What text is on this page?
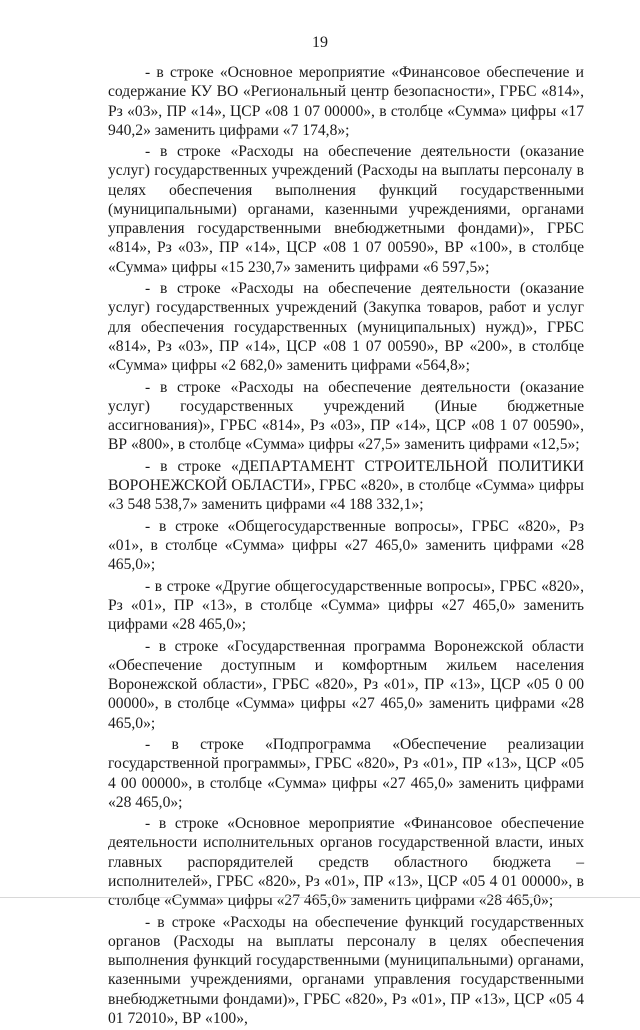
19

- в строке «Основное мероприятие «Финансовое обеспечение и содержание КУ ВО «Региональный центр безопасности», ГРБС «814», Рз «03», ПР «14», ЦСР «08 1 07 00000», в столбце «Сумма» цифры «17 940,2» заменить цифрами «7 174,8»;

- в строке «Расходы на обеспечение деятельности (оказание услуг) государственных учреждений (Расходы на выплаты персоналу в целях обеспечения выполнения функций государственными (муниципальными) органами, казенными учреждениями, органами управления государственными внебюджетными фондами)», ГРБС «814», Рз «03», ПР «14», ЦСР «08 1 07 00590», ВР «100», в столбце «Сумма» цифры «15 230,7» заменить цифрами «6 597,5»;

- в строке «Расходы на обеспечение деятельности (оказание услуг) государственных учреждений (Закупка товаров, работ и услуг для обеспечения государственных (муниципальных) нужд)», ГРБС «814», Рз «03», ПР «14», ЦСР «08 1 07 00590», ВР «200», в столбце «Сумма» цифры «2 682,0» заменить цифрами «564,8»;

- в строке «Расходы на обеспечение деятельности (оказание услуг) государственных учреждений (Иные бюджетные ассигнования)», ГРБС «814», Рз «03», ПР «14», ЦСР «08 1 07 00590», ВР «800», в столбце «Сумма» цифры «27,5» заменить цифрами «12,5»;

- в строке «ДЕПАРТАМЕНТ СТРОИТЕЛЬНОЙ ПОЛИТИКИ ВОРОНЕЖСКОЙ ОБЛАСТИ», ГРБС «820», в столбце «Сумма» цифры «3 548 538,7» заменить цифрами «4 188 332,1»;

- в строке «Общегосударственные вопросы», ГРБС «820», Рз «01», в столбце «Сумма» цифры «27 465,0» заменить цифрами «28 465,0»;

- в строке «Другие общегосударственные вопросы», ГРБС «820», Рз «01», ПР «13», в столбце «Сумма» цифры «27 465,0» заменить цифрами «28 465,0»;

- в строке «Государственная программа Воронежской области «Обеспечение доступным и комфортным жильем населения Воронежской области», ГРБС «820», Рз «01», ПР «13», ЦСР «05 0 00 00000», в столбце «Сумма» цифры «27 465,0» заменить цифрами «28 465,0»;

- в строке «Подпрограмма «Обеспечение реализации государственной программы», ГРБС «820», Рз «01», ПР «13», ЦСР «05 4 00 00000», в столбце «Сумма» цифры «27 465,0» заменить цифрами «28 465,0»;

- в строке «Основное мероприятие «Финансовое обеспечение деятельности исполнительных органов государственной власти, иных главных распорядителей средств областного бюджета – исполнителей», ГРБС «820», Рз «01», ПР «13», ЦСР «05 4 01 00000», в столбце «Сумма» цифры «27 465,0» заменить цифрами «28 465,0»;

- в строке «Расходы на обеспечение функций государственных органов (Расходы на выплаты персоналу в целях обеспечения выполнения функций государственными (муниципальными) органами, казенными учреждениями, органами управления государственными внебюджетными фондами)», ГРБС «820», Рз «01», ПР «13», ЦСР «05 4 01 72010», ВР «100»,
